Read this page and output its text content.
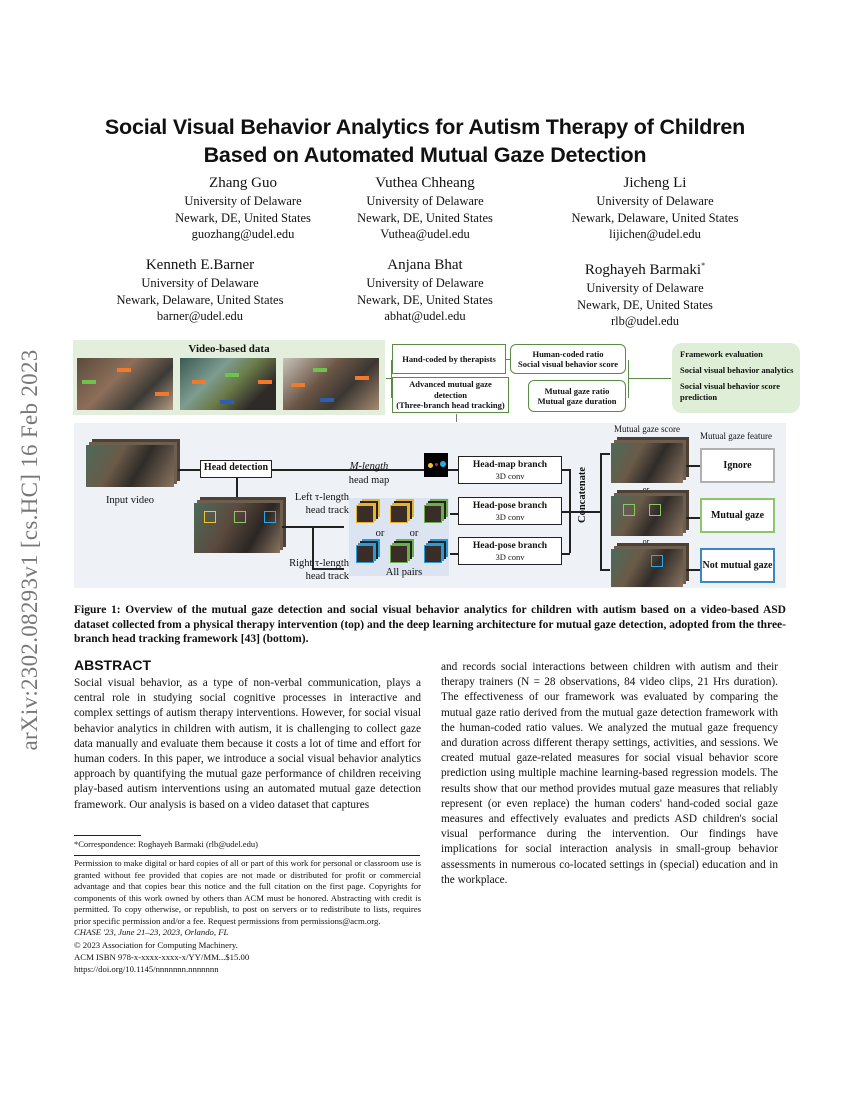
arXiv:2302.08293v1 [cs.HC] 16 Feb 2023
Social Visual Behavior Analytics for Autism Therapy of Children
Based on Automated Mutual Gaze Detection
Zhang Guo
University of Delaware
Newark, DE, United States
guozhang@udel.edu
Vuthea Chheang
University of Delaware
Newark, DE, United States
Vuthea@udel.edu
Jicheng Li
University of Delaware
Newark, Delaware, United States
lijichen@udel.edu
Kenneth E.Barner
University of Delaware
Newark, Delaware, United States
barner@udel.edu
Anjana Bhat
University of Delaware
Newark, DE, United States
abhat@udel.edu
Roghayeh Barmaki*
University of Delaware
Newark, DE, United States
rlb@udel.edu
Video-based data
Hand-coded by therapists
Advanced mutual gaze detection
(Three-branch head tracking)
Human-coded ratio
Social visual behavior score
Mutual gaze ratio
Mutual gaze duration
Framework evaluation
Social visual behavior analytics
Social visual behavior score prediction
Input video
Head detection	M-length
head map
Left τ-length
head track
Right τ-length
head track
or or
All pairs
Head-map branch
3D conv
Head-pose branch
3D conv
Head-pose branch
3D conv
Concatenate
Mutual gaze score
Mutual gaze feature
or
or
Ignore
Mutual gaze
Not mutual gaze
Figure 1: Overview of the mutual gaze detection and social visual behavior analytics for children with autism based on a video-based ASD dataset collected from a physical therapy intervention (top) and the deep learning architecture for mutual gaze detection, adopted from the three-branch head tracking framework [43] (bottom).
ABSTRACT
Social visual behavior, as a type of non-verbal communication, plays a central role in studying social cognitive processes in interactive and complex settings of autism therapy interventions. However, for social visual behavior analytics in children with autism, it is challenging to collect gaze data manually and evaluate them because it costs a lot of time and effort for human coders. In this paper, we introduce a social visual behavior analytics approach by quantifying the mutual gaze performance of children receiving play-based autism interventions using an automated mutual gaze detection framework. Our analysis is based on a video dataset that captures
and records social interactions between children with autism and their therapy trainers (N = 28 observations, 84 video clips, 21 Hrs duration). The effectiveness of our framework was evaluated by comparing the mutual gaze ratio derived from the mutual gaze detection framework with the human-coded ratio values. We analyzed the mutual gaze frequency and duration across different therapy settings, activities, and sessions. We created mutual gaze-related measures for social visual behavior score prediction using multiple machine learning-based regression models. The results show that our method provides mutual gaze measures that reliably represent (or even replace) the human coders' hand-coded social gaze measures and effectively evaluates and predicts ASD children's social visual performance during the intervention. Our findings have implications for social interaction analysis in small-group behavior assessments in numerous co-located settings in (special) education and in the workplace.
*Correspondence: Roghayeh Barmaki (rlb@udel.edu)
Permission to make digital or hard copies of all or part of this work for personal or classroom use is granted without fee provided that copies are not made or distributed for profit or commercial advantage and that copies bear this notice and the full citation on the first page. Copyrights for components of this work owned by others than ACM must be honored. Abstracting with credit is permitted. To copy otherwise, or republish, to post on servers or to redistribute to lists, requires prior specific permission and/or a fee. Request permissions from permissions@acm.org.
CHASE '23, June 21–23, 2023, Orlando, FL
© 2023 Association for Computing Machinery.
ACM ISBN 978-x-xxxx-xxxx-x/YY/MM...$15.00
https://doi.org/10.1145/nnnnnnn.nnnnnnn
